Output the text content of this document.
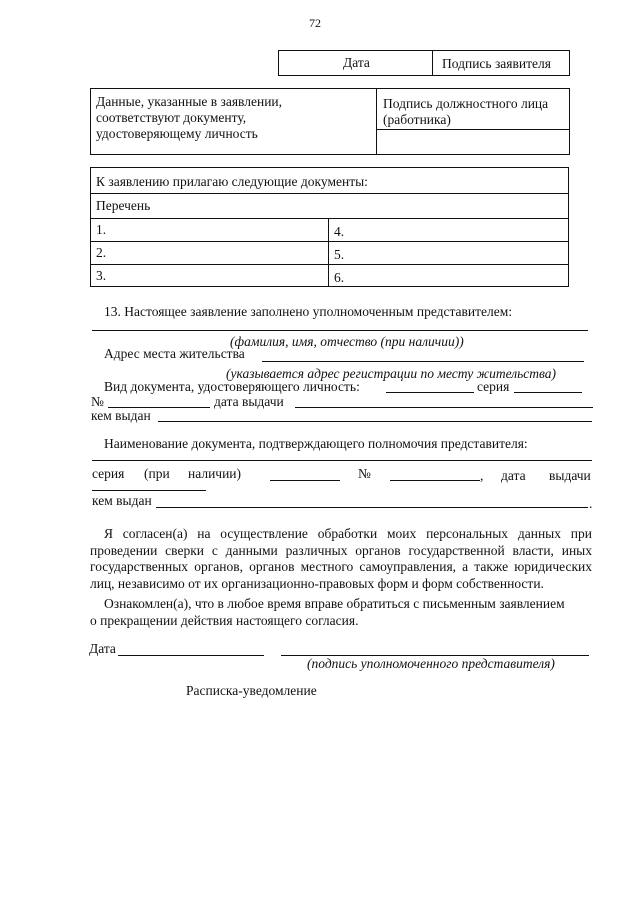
72
Дата	Подпись заявителя
Данные, указанные в заявлении, соответствуют документу, удостоверяющему личность
Подпись должностного лица (работника)
К заявлению прилагаю следующие документы:
Перечень
1.	4.
2.	5.
3.	6.
13. Настоящее заявление заполнено уполномоченным представителем:
(фамилия, имя, отчество (при наличии))
Адрес места жительства
(указывается адрес регистрации по месту жительства)
Вид документа, удостоверяющего личность:	серия
№	дата выдачи
кем выдан
Наименование документа, подтверждающего полномочия представителя:
серия (при наличии)	№	, дата выдачи
кем выдан	.
Я согласен(а) на осуществление обработки моих персональных данных при проведении сверки с данными различных органов государственной власти, иных государственных органов, органов местного самоуправления, а также юридических лиц, независимо от их организационно-правовых форм и форм собственности.
Ознакомлен(а), что в любое время вправе обратиться с письменным заявлением о прекращении действия настоящего согласия.
Дата
(подпись уполномоченного представителя)
Расписка-уведомление
